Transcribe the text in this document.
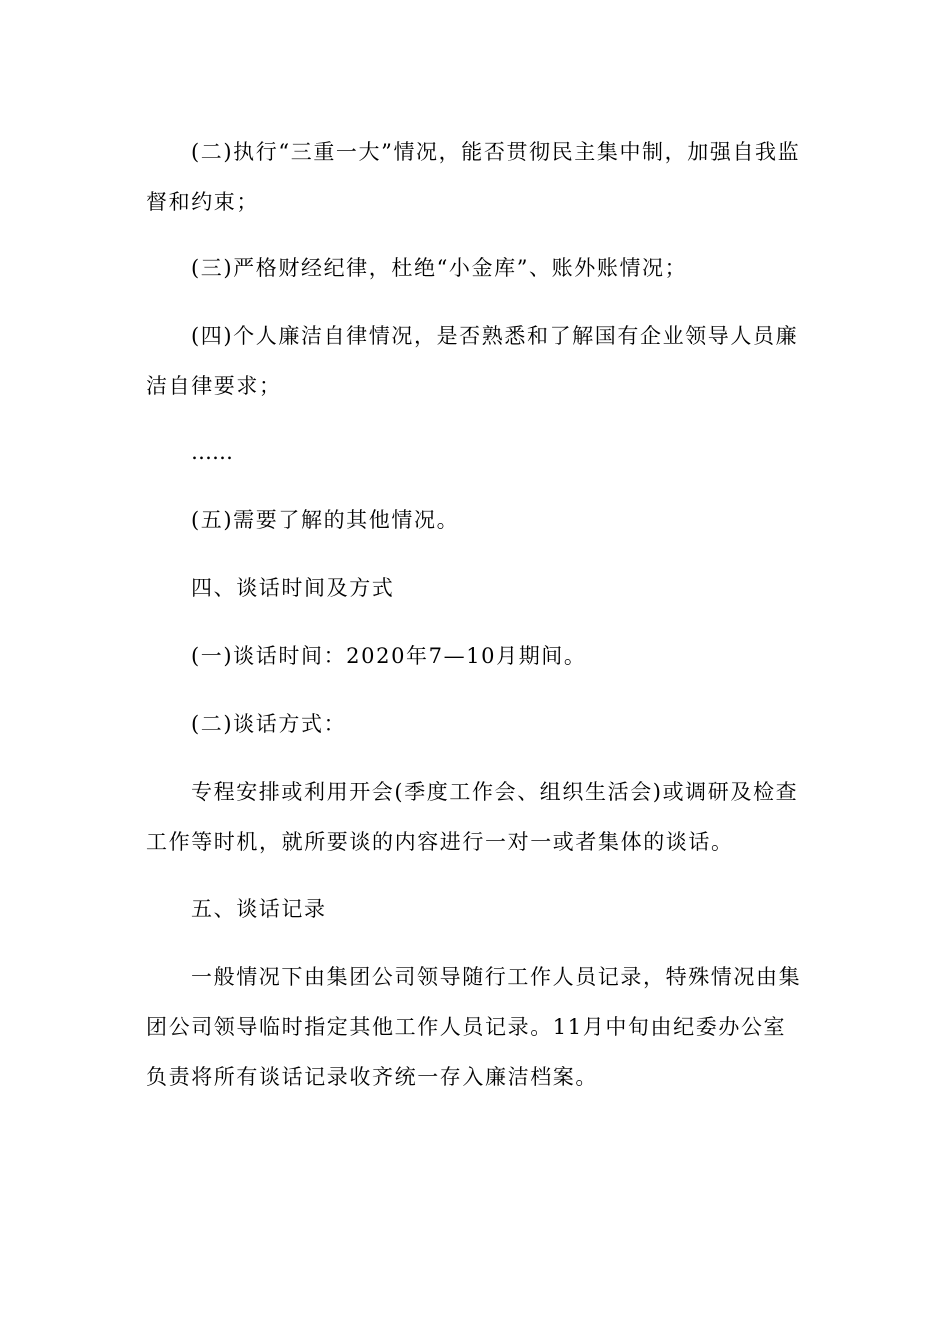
(二)执行“三重一大”情况，能否贯彻民主集中制，加强自我监督和约束；

(三)严格财经纪律，杜绝“小金库”、账外账情况；

(四)个人廉洁自律情况，是否熟悉和了解国有企业领导人员廉洁自律要求；

……

(五)需要了解的其他情况。

四、谈话时间及方式

(一)谈话时间：2020年7—10月期间。

(二)谈话方式：

专程安排或利用开会(季度工作会、组织生活会)或调研及检查工作等时机，就所要谈的内容进行一对一或者集体的谈话。

五、谈话记录

一般情况下由集团公司领导随行工作人员记录，特殊情况由集团公司领导临时指定其他工作人员记录。11月中旬由纪委办公室负责将所有谈话记录收齐统一存入廉洁档案。
